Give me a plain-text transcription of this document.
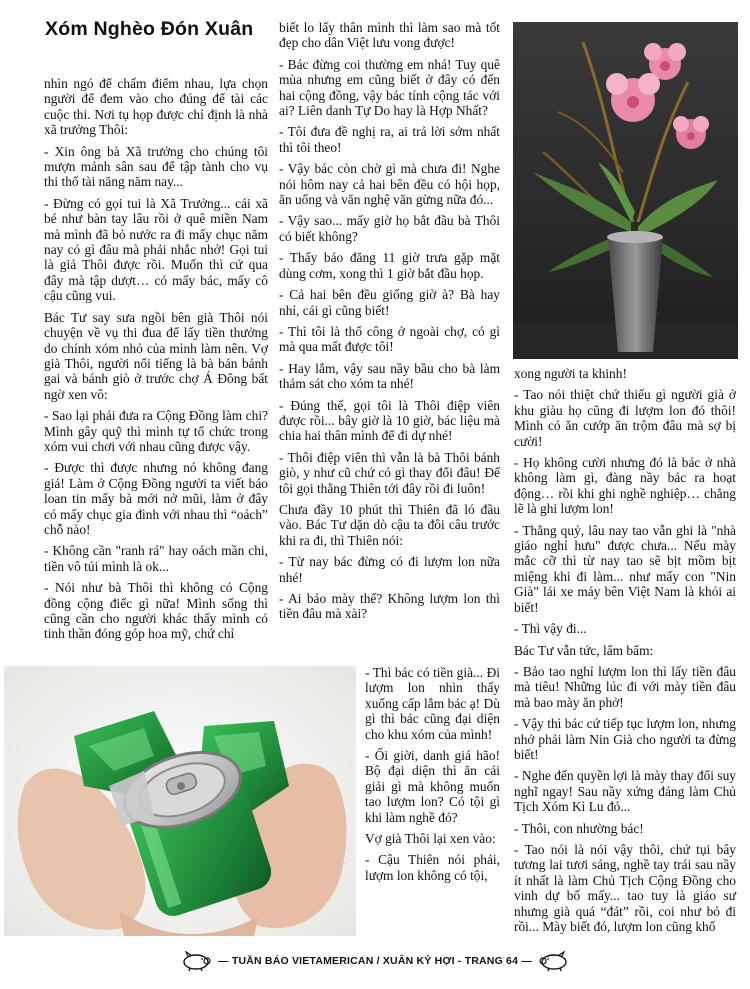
Xóm Nghèo Đón Xuân

nhìn ngó để chấm điểm nhau, lựa chọn người để đem vào cho đúng để tài các cuộc thi. Nơi tụ họp được chỉ định là nhà xã trưởng Thôi:

- Xin ông bà Xã trưởng cho chúng tôi mượn mảnh sân sau để tập tành cho vụ thi thố tài năng năm nay...

- Đừng có gọi tui là Xã Trưởng... cái xã bé như bàn tay lâu rồi ở quê miền Nam mà mình đã bỏ nước ra đi mấy chục năm nay có gì đâu mà phải nhắc nhở! Gọi tui là giả Thôi được rồi. Muốn thì cứ qua đây mà tập dượt… có mấy bác, mấy cô cậu cũng vui.

Bác Tư say sưa ngồi bên già Thôi nói chuyện về vụ thi đua để lấy tiền thưởng do chính xóm nhỏ của mình làm nên. Vợ già Thôi, người nổi tiếng là bà bán bánh gai và bánh giò ở trước chợ Á Đông bất ngờ xen vô:

- Sao lại phải đưa ra Cộng Đồng làm chi? Mình gây quỹ thì mình tự tổ chức trong xóm vui chơi với nhau cũng được vậy.

- Được thì được nhưng nó không đang giá! Làm ở Cộng Đồng người ta viết báo loan tin mấy bà mới nở mũi, làm ở đây có mấy chục gia đình với nhau thì “oách” chỗ nào!

- Không cần "ranh rá" hay oách mần chi, tiền vô túi mình là ok...

- Nói như bà Thôi thì không có Cộng đồng cộng điếc gì nữa! Mình sống thì cũng cần cho người khác thấy mình có tinh thần đóng góp hoa mỹ, chứ chỉ

biết lo lấy thân mình thì làm sao mà tốt đẹp cho dân Việt lưu vong được!

- Bác đừng coi thường em nhá! Tuy quê mùa nhưng em cũng biết ở đây có đến hai cộng đồng, vậy bác tính cộng tác với ai? Liên danh Tự Do hay là Hợp Nhất?

- Tôi đưa đề nghị ra, ai trả lời sớm nhất thì tôi theo!

- Vậy bác còn chờ gì mà chưa đi! Nghe nói hôm nay cả hai bên đều có hội họp, ăn uống và văn nghệ văn gừng nữa đó...

- Vậy sao... mấy giờ họ bắt đầu bà Thôi có biết không?

- Thấy báo đăng 11 giờ trưa gặp mặt dùng cơm, xong thì 1 giờ bắt đầu họp.

- Cả hai bên đều giống giờ à? Bà hay nhỉ, cái gì cũng biết!

- Thì tôi là thổ công ở ngoài chợ, có gì mà qua mất được tôi!

- Hay lắm, vậy sau nầy bầu cho bà làm thám sát cho xóm ta nhé!

- Đúng thế, gọi tôi là Thôi điệp viên được rồi... bây giờ là 10 giờ, bác liệu mà chia hai thân mình để đi dự nhé!

- Thôi điệp viên thì vẫn là bà Thôi bánh giò, y như cũ chứ có gì thay đổi đâu! Để tôi gọi thằng Thiên tới đây rồi đi luôn!

Chưa đầy 10 phút thì Thiên đã ló đầu vào. Bác Tư dặn dò cậu ta đôi câu trước khi ra đi, thì Thiên nói:

- Từ nay bác đừng có đi lượm lon nữa nhé!

- Ai bảo mày thế? Không lượm lon thì tiền đâu mà xài?

- Thì bác có tiền già... Đi lượm lon nhìn thấy xuống cấp lắm bác ạ! Dù gì thì bác cũng đại diện cho khu xóm của mình!

- Ối giời, danh giá hão! Bộ đại diện thì ăn cái giải gì mà không muốn tao lượm lon? Có tội gì khi làm nghề đó?

Vợ già Thôi lại xen vào:

- Cậu Thiên nói phải, lượm lon không có tội,

xong người ta khinh!

- Tao nói thiệt chứ thiếu gì người già ở khu giàu họ cũng đi lượm lon đó thôi! Mình có ăn cướp ăn trộm đâu mà sợ bị cười!

- Họ không cười nhưng đó là bác ở nhà không làm gì, đàng nầy bác ra hoạt động… rồi khi ghi nghề nghiệp… chẳng lẽ là ghi lượm lon!

- Thằng quỷ, lâu nay tao vẫn ghi là "nhà giáo nghỉ hưu" được chưa... Nếu mày mắc cỡ thì từ nay tao sẽ bịt mồm bịt miệng khi đi làm... như mấy con "Nin Già" lái xe máy bên Việt Nam là khỏi ai biết!

- Thì vậy đi...

Bác Tư vẫn tức, lẩm bẩm:

- Bảo tao nghỉ lượm lon thì lấy tiền đâu mà tiêu! Những lúc đi với mày tiền đâu mà bao mày ăn phở!

- Vậy thì bác cứ tiếp tục lượm lon, nhưng nhớ phải làm Nin Già cho người ta đừng biết!

- Nghe đến quyền lợi là mày thay đổi suy nghĩ ngay! Sau nầy xứng đáng làm Chủ Tịch Xóm Kì Lu đó...

- Thôi, con nhường bác!

- Tao nói là nói vậy thôi, chứ tụi bây tương lai tươi sáng, nghề tay trái sau nầy ít nhất là làm Chủ Tịch Cộng Đồng cho vinh dự bố mấy... tao tuy là giáo sư nhưng già quá “đát” rồi, coi như bỏ đi rồi... Mày biết đó, lượm lon cũng khổ

— TUẦN BÁO VIETAMERICAN / XUÂN KỶ HỢI - TRANG 64 —
